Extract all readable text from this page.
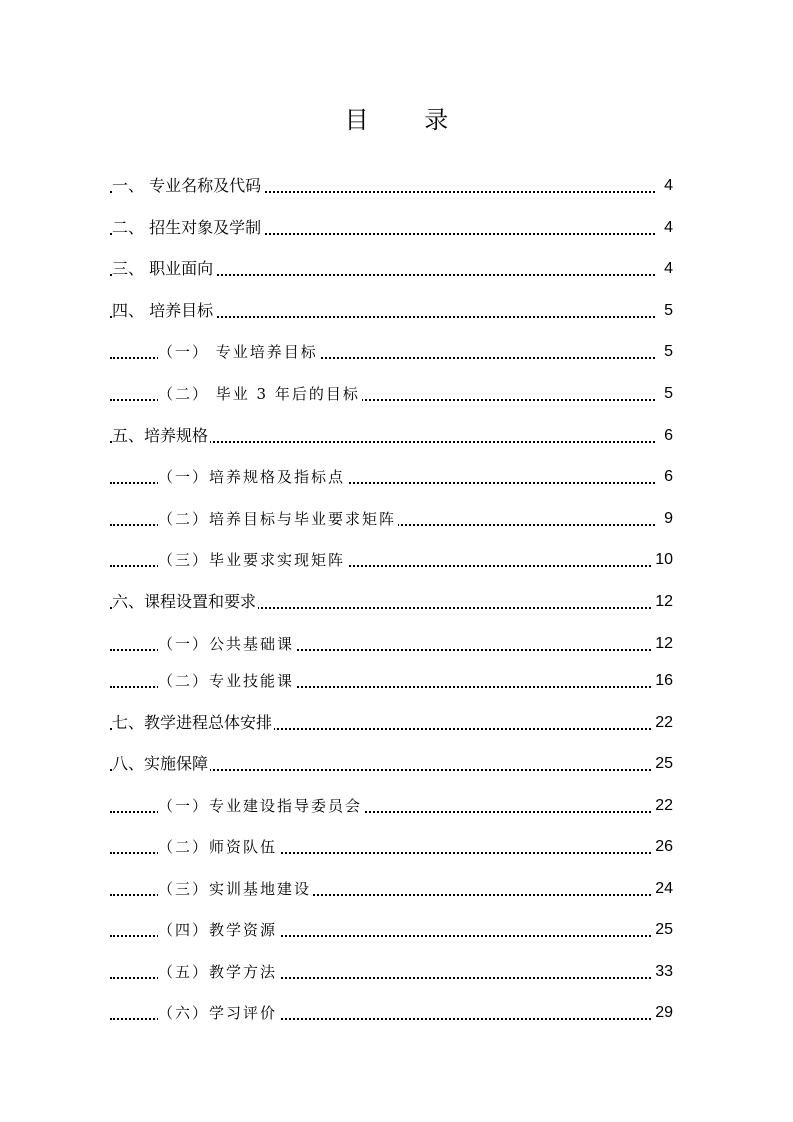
目 录
一、 专业名称及代码	4
二、 招生对象及学制	4
三、 职业面向	4
四、 培养目标	5
（一） 专业培养目标	5
（二） 毕业 3 年后的目标	5
五、培养规格	6
（一）培养规格及指标点	6
（二）培养目标与毕业要求矩阵	9
（三）毕业要求实现矩阵	10
六、课程设置和要求	12
（一）公共基础课	12
（二）专业技能课	16
七、教学进程总体安排	22
八、实施保障	25
（一）专业建设指导委员会	22
（二）师资队伍	26
（三）实训基地建设	24
（四）教学资源	25
（五）教学方法	33
（六）学习评价	29
